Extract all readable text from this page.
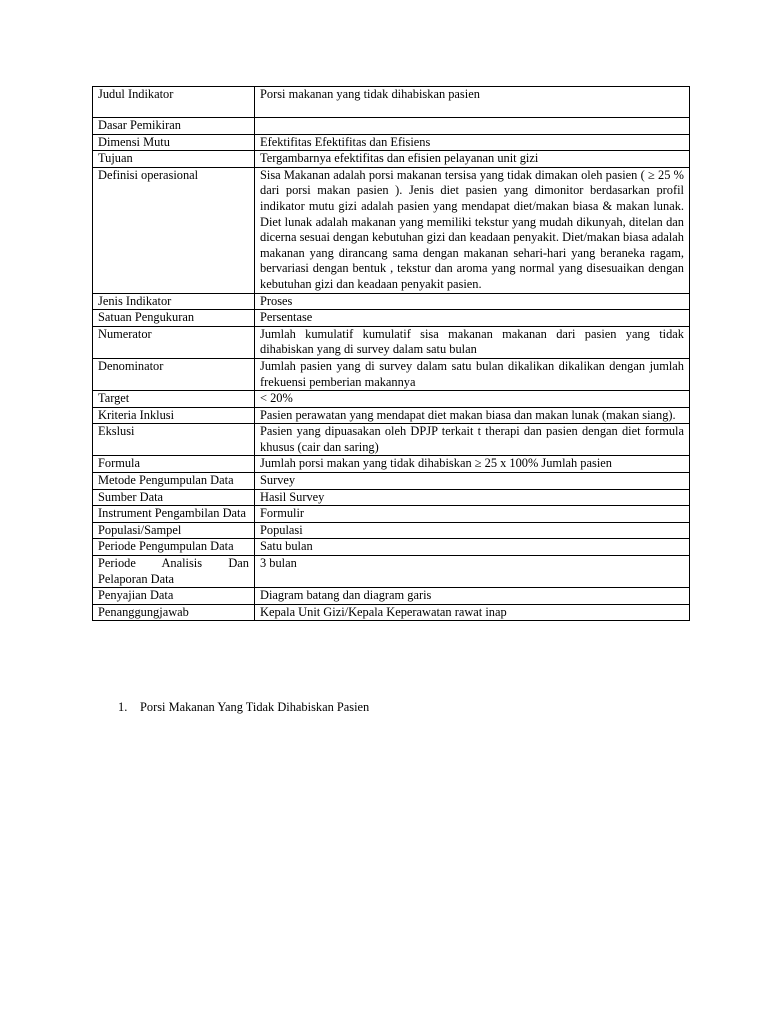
Judul Indikator	Porsi makanan yang tidak dihabiskan pasien
Dasar Pemikiran	
Dimensi Mutu	Efektifitas Efektifitas dan Efisiens
Tujuan	Tergambarnya efektifitas dan efisien pelayanan unit gizi
Definisi operasional	Sisa Makanan adalah porsi makanan tersisa yang tidak dimakan oleh pasien ( ≥ 25 % dari porsi makan pasien ). Jenis diet pasien yang dimonitor berdasarkan profil indikator mutu gizi adalah pasien yang mendapat diet/makan biasa & makan lunak. Diet lunak adalah makanan yang memiliki tekstur yang mudah dikunyah, ditelan dan dicerna sesuai dengan kebutuhan gizi dan keadaan penyakit. Diet/makan biasa adalah makanan yang dirancang sama dengan makanan sehari-hari yang beraneka ragam, bervariasi dengan bentuk , tekstur dan aroma yang normal yang disesuaikan dengan kebutuhan gizi dan keadaan penyakit pasien.
Jenis Indikator	Proses
Satuan Pengukuran	Persentase
Numerator	Jumlah kumulatif kumulatif sisa makanan makanan dari pasien yang tidak dihabiskan yang di survey dalam satu bulan
Denominator	Jumlah pasien yang di survey dalam satu bulan dikalikan dikalikan dengan jumlah frekuensi pemberian makannya
Target	< 20%
Kriteria Inklusi	Pasien perawatan yang mendapat diet makan biasa dan makan lunak (makan siang).
Ekslusi	Pasien yang dipuasakan oleh DPJP terkait t therapi dan pasien dengan diet formula khusus (cair dan saring)
Formula	Jumlah porsi makan yang tidak dihabiskan ≥ 25 x 100% Jumlah pasien
Metode Pengumpulan Data	Survey
Sumber Data	Hasil Survey
Instrument Pengambilan Data	Formulir
Populasi/Sampel	Populasi
Periode Pengumpulan Data	Satu bulan
Periode Analisis Dan Pelaporan Data	3 bulan
Penyajian Data	Diagram batang dan diagram garis
Penanggungjawab	Kepala Unit Gizi/Kepala Keperawatan rawat inap
1. Porsi Makanan Yang Tidak Dihabiskan Pasien
